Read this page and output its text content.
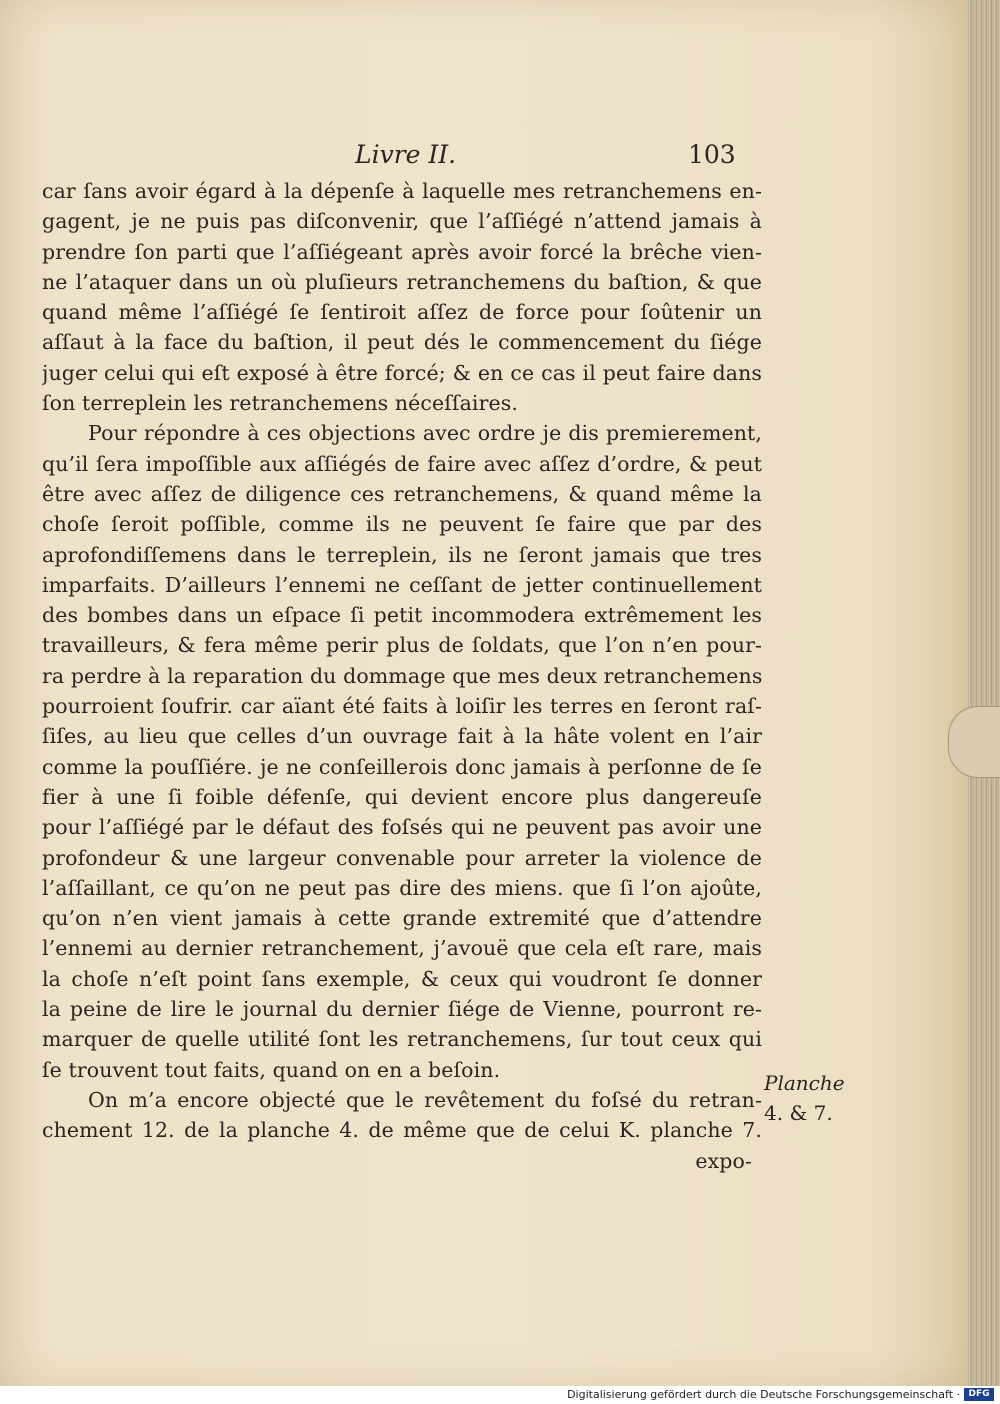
Livre II.	103
car ſans avoir égard à la dépenſe à laquelle mes retranchemens en-
gagent, je ne puis pas diſconvenir, que l’aſſiégé n’attend jamais à
prendre ſon parti que l’aſſiégeant après avoir forcé la brêche vien-
ne l’ataquer dans un où pluſieurs retranchemens du baſtion, & que
quand même l’aſſiégé ſe ſentiroit aſſez de force pour ſoûtenir un
aſſaut à la face du baſtion, il peut dés le commencement du ſiége
juger celui qui eſt exposé à être forcé; & en ce cas il peut faire dans
ſon terreplein les retranchemens néceſſaires.
Pour répondre à ces objections avec ordre je dis premierement,
qu’il ſera impoſſible aux aſſiégés de faire avec aſſez d’ordre, & peut
être avec aſſez de diligence ces retranchemens, & quand même la
choſe ſeroit poſſible, comme ils ne peuvent ſe faire que par des
aprofondiſſemens dans le terreplein, ils ne ſeront jamais que tres
imparfaits. D’ailleurs l’ennemi ne ceſſant de jetter continuellement
des bombes dans un eſpace ſi petit incommodera extrêmement les
travailleurs, & fera même perir plus de ſoldats, que l’on n’en pour-
ra perdre à la reparation du dommage que mes deux retranchemens
pourroient ſoufrir. car aïant été faits à loiſir les terres en ſeront raſ-
ſiſes, au lieu que celles d’un ouvrage fait à la hâte volent en l’air
comme la pouſſiére. je ne conſeillerois donc jamais à perſonne de ſe
fier à une ſi foible défenſe, qui devient encore plus dangereuſe
pour l’aſſiégé par le défaut des foſsés qui ne peuvent pas avoir une
profondeur & une largeur convenable pour arreter la violence de
l’aſſaillant, ce qu’on ne peut pas dire des miens. que ſi l’on ajoûte,
qu’on n’en vient jamais à cette grande extremité que d’attendre
l’ennemi au dernier retranchement, j’avouë que cela eſt rare, mais
la choſe n’eſt point ſans exemple, & ceux qui voudront ſe donner
la peine de lire le journal du dernier ſiége de Vienne, pourront re-
marquer de quelle utilité ſont les retranchemens, ſur tout ceux qui
ſe trouvent tout faits, quand on en a beſoin.
On m’a encore objecté que le revêtement du foſsé du retran-
chement 12. de la planche 4. de même que de celui K. planche 7.
expo-
Planche
4. & 7.
Digitalisierung gefördert durch die Deutsche Forschungsgemeinschaft · DFG
